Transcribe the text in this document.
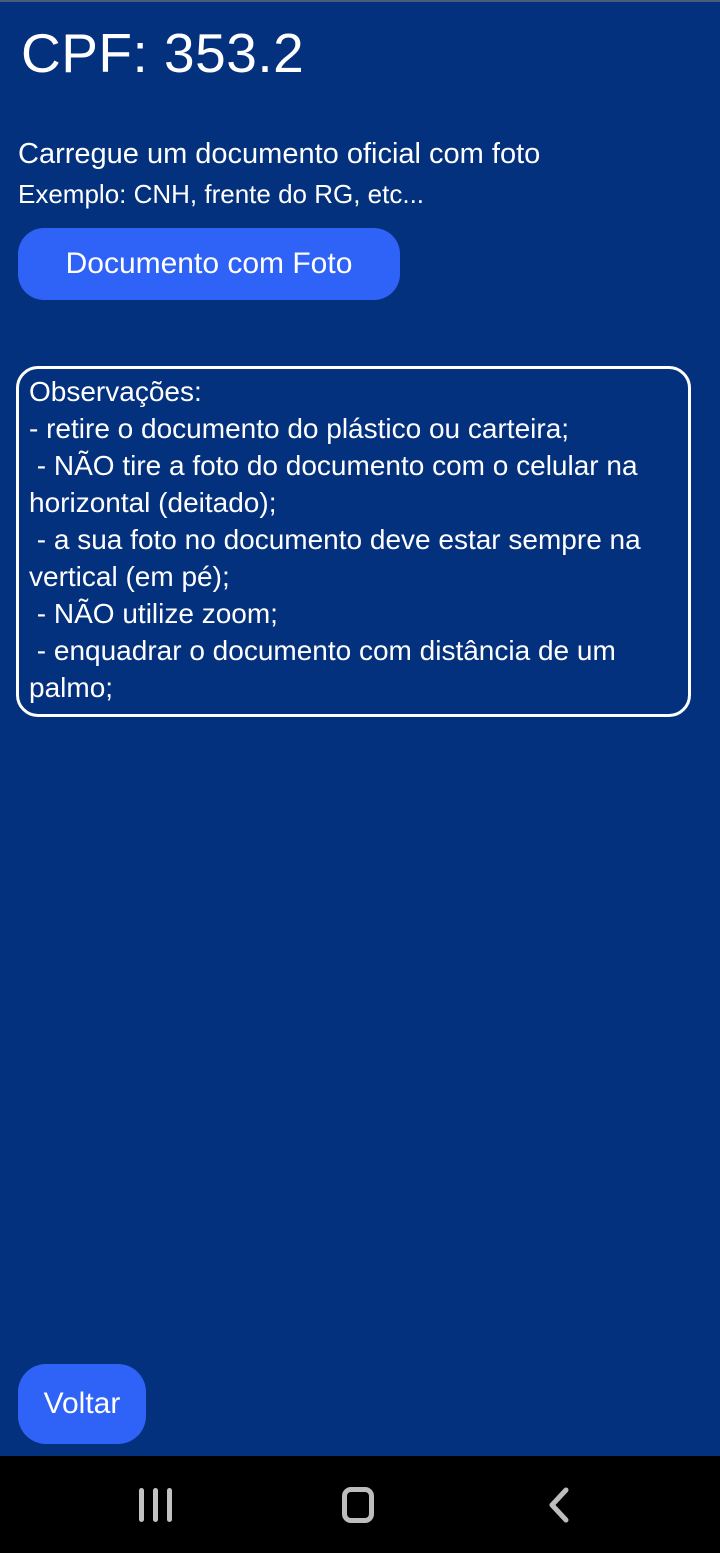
CPF: 353.2
Carregue um documento oficial com foto
Exemplo: CNH, frente do RG, etc...
Documento com Foto

Observações:

- retire o documento do plástico ou carteira;

- NÃO tire a foto do documento com o celular na horizontal (deitado);

- a sua foto no documento deve estar sempre na vertical (em pé);

- NÃO utilize zoom;

- enquadrar o documento com distância de um palmo;

Voltar
